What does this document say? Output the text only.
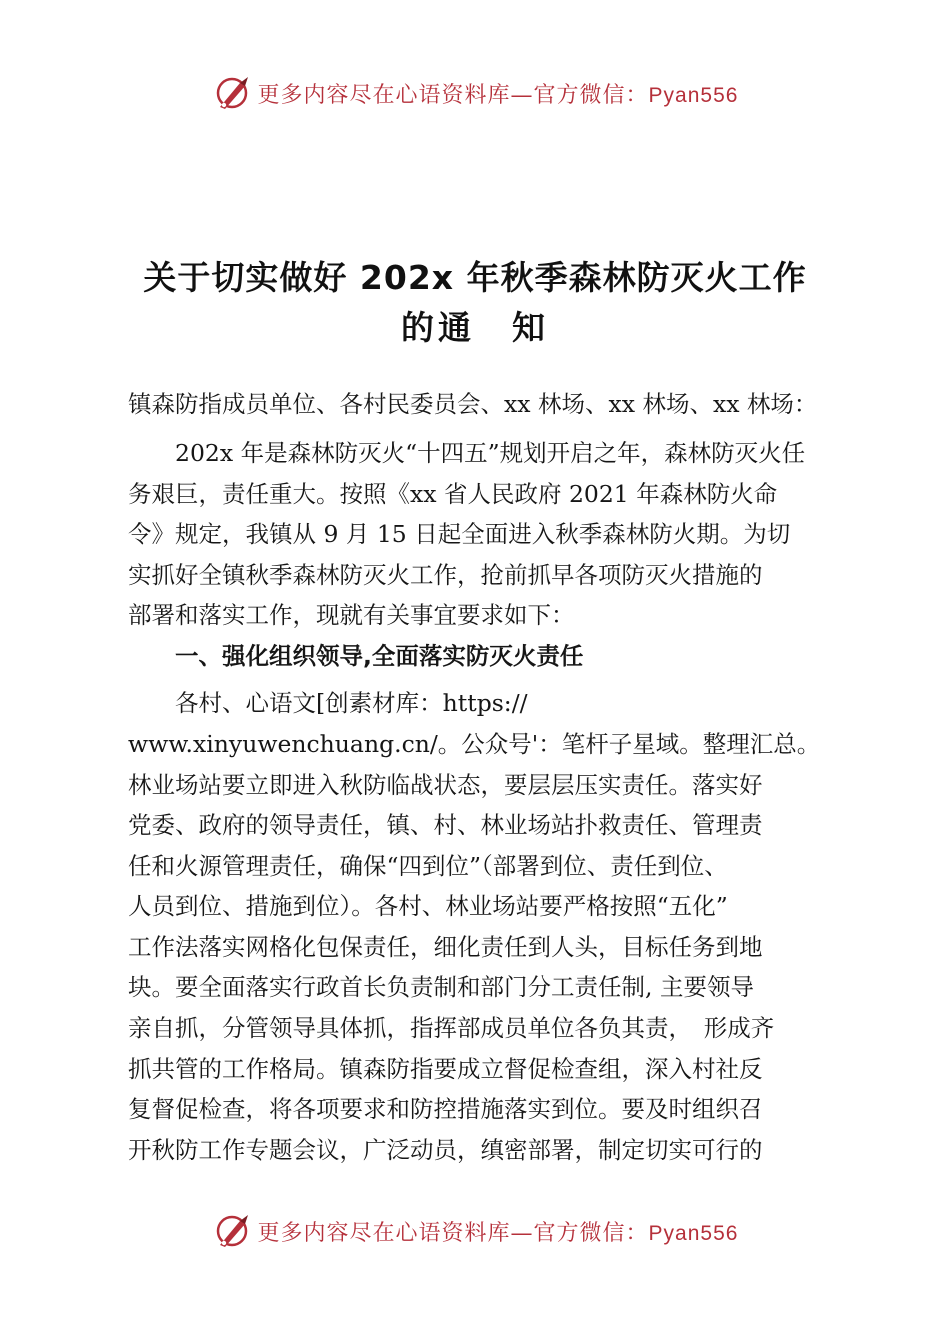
更多内容尽在心语资料库—官方微信：Pyan556
关于切实做好 202x 年秋季森林防灭火工作
的通　知
镇森防指成员单位、各村民委员会、xx 林场、xx 林场、xx 林场：
　　202x 年是森林防灭火“十四五”规划开启之年，森林防灭火任
务艰巨，责任重大。按照《xx 省人民政府 2021 年森林防火命
令》规定，我镇从 9 月 15 日起全面进入秋季森林防火期。为切
实抓好全镇秋季森林防灭火工作，抢前抓早各项防灭火措施的
部署和落实工作，现就有关事宜要求如下：
　　一、强化组织领导,全面落实防灭火责任
　　各村、心语文[创素材库：https://
www.xinyuwenchuang.cn/。公众号'：笔杆子星域。整理汇总。
林业场站要立即进入秋防临战状态，要层层压实责任。落实好
党委、政府的领导责任，镇、村、林业场站扑救责任、管理责
任和火源管理责任，确保“四到位”（部署到位、责任到位、
人员到位、措施到位）。各村、林业场站要严格按照“五化”
工作法落实网格化包保责任，细化责任到人头，目标任务到地
块。要全面落实行政首长负责制和部门分工责任制, 主要领导
亲自抓，分管领导具体抓，指挥部成员单位各负其责，　形成齐
抓共管的工作格局。镇森防指要成立督促检查组，深入村社反
复督促检查，将各项要求和防控措施落实到位。要及时组织召
开秋防工作专题会议，广泛动员，缜密部署，制定切实可行的
更多内容尽在心语资料库—官方微信：Pyan556
